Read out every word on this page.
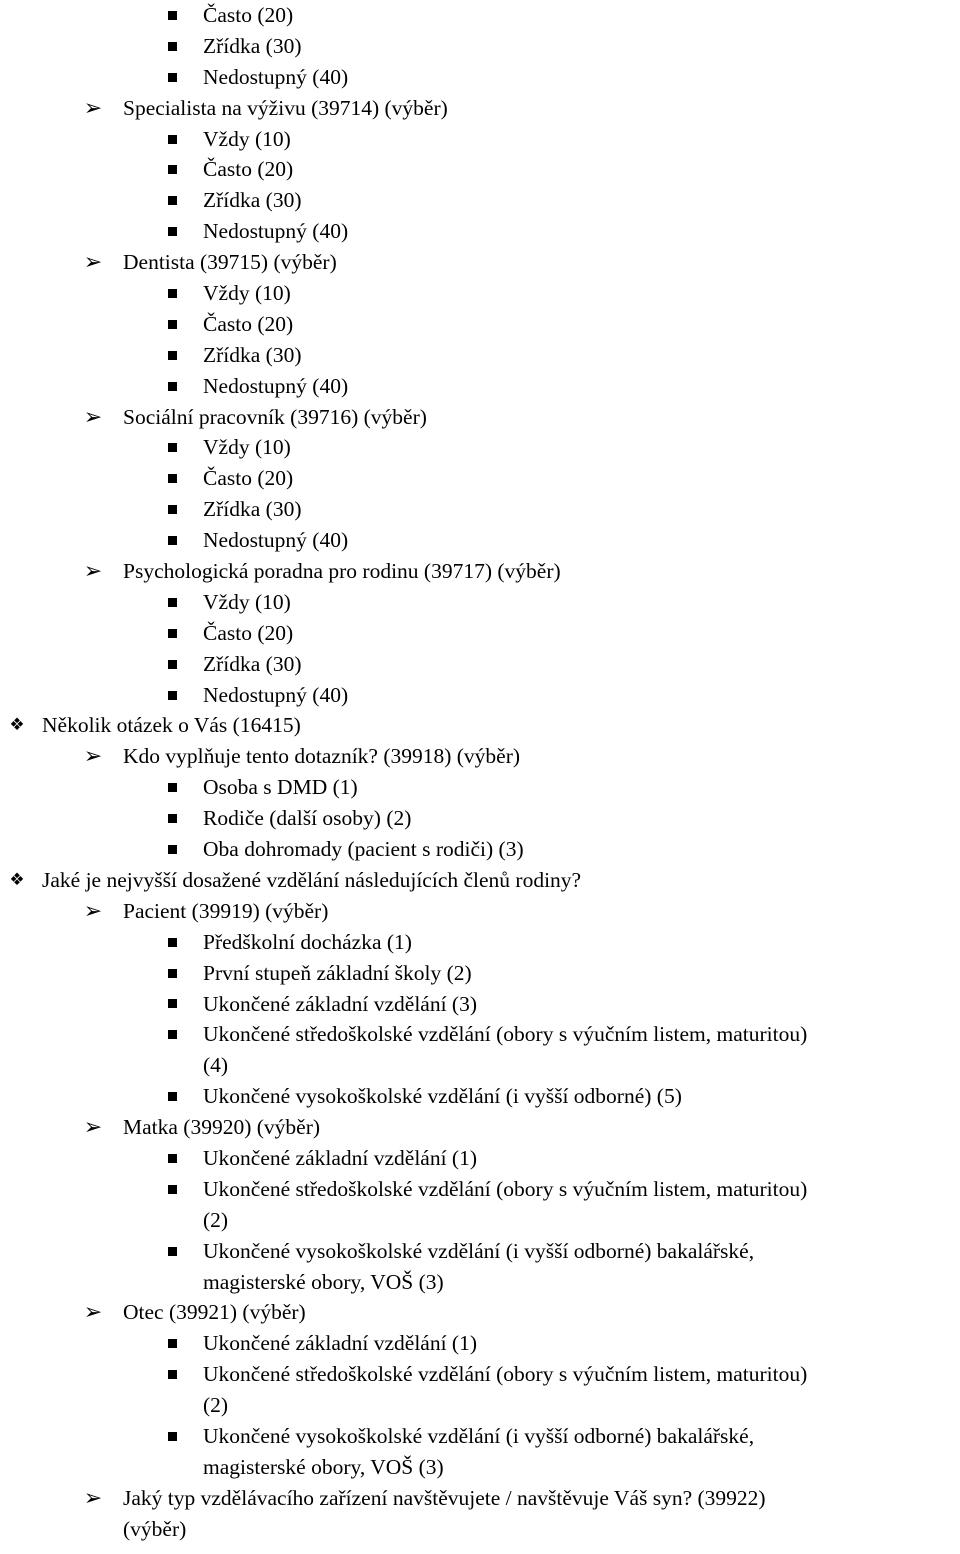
Často (20)
Zřídka (30)
Nedostupný (40)
➢ Specialista na výživu (39714) (výběr)
Vždy (10)
Často (20)
Zřídka (30)
Nedostupný (40)
➢ Dentista (39715) (výběr)
Vždy (10)
Často (20)
Zřídka (30)
Nedostupný (40)
➢ Sociální pracovník (39716) (výběr)
Vždy (10)
Často (20)
Zřídka (30)
Nedostupný (40)
➢ Psychologická poradna pro rodinu (39717) (výběr)
Vždy (10)
Často (20)
Zřídka (30)
Nedostupný (40)
❖ Několik otázek o Vás (16415)
➢ Kdo vyplňuje tento dotazník? (39918) (výběr)
Osoba s DMD (1)
Rodiče (další osoby) (2)
Oba dohromady (pacient s rodiči) (3)
❖ Jaké je nejvyšší dosažené vzdělání následujících členů rodiny?
➢ Pacient (39919) (výběr)
Předškolní docházka (1)
První stupeň základní školy (2)
Ukončené základní vzdělání (3)
Ukončené středoškolské vzdělání (obory s výučním listem, maturitou)
(4)
Ukončené vysokoškolské vzdělání (i vyšší odborné) (5)
➢ Matka (39920) (výběr)
Ukončené základní vzdělání (1)
Ukončené středoškolské vzdělání (obory s výučním listem, maturitou)
(2)
Ukončené vysokoškolské vzdělání (i vyšší odborné) bakalářské,
magisterské obory, VOŠ (3)
➢ Otec (39921) (výběr)
Ukončené základní vzdělání (1)
Ukončené středoškolské vzdělání (obory s výučním listem, maturitou)
(2)
Ukončené vysokoškolské vzdělání (i vyšší odborné) bakalářské,
magisterské obory, VOŠ (3)
➢ Jaký typ vzdělávacího zařízení navštěvujete / navštěvuje Váš syn? (39922)
(výběr)
